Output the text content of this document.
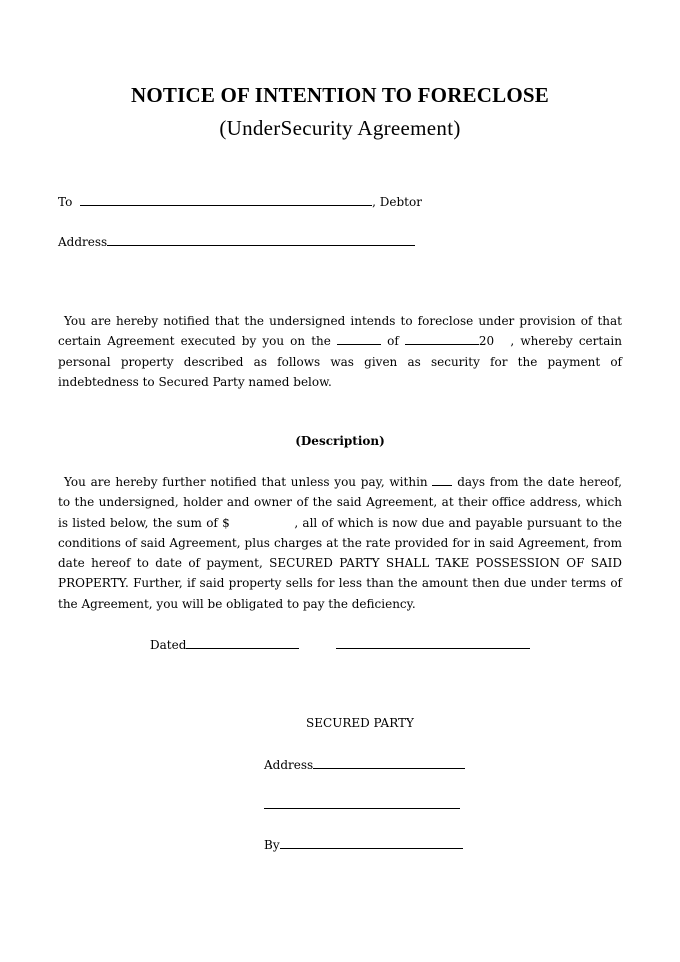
NOTICE OF INTENTION TO FORECLOSE
(UnderSecurity Agreement)
To	, Debtor
Address
You are hereby notified that the undersigned intends to foreclose under provision of that certain Agreement executed by you on the	of	20 , whereby certain personal property described as follows was given as security for the payment of indebtedness to Secured Party named below.
(Description)
You are hereby further notified that unless you pay, within days from the date hereof, to the undersigned, holder and owner of the said Agreement, at their office address, which is listed below, the sum of $	, all of which is now due and payable pursuant to the conditions of said Agreement, plus charges at the rate provided for in said Agreement, from date hereof to date of payment, SECURED PARTY SHALL TAKE POSSESSION OF SAID PROPERTY. Further, if said property sells for less than the amount then due under terms of the Agreement, you will be obligated to pay the deficiency.
Dated
SECURED PARTY
Address
By
